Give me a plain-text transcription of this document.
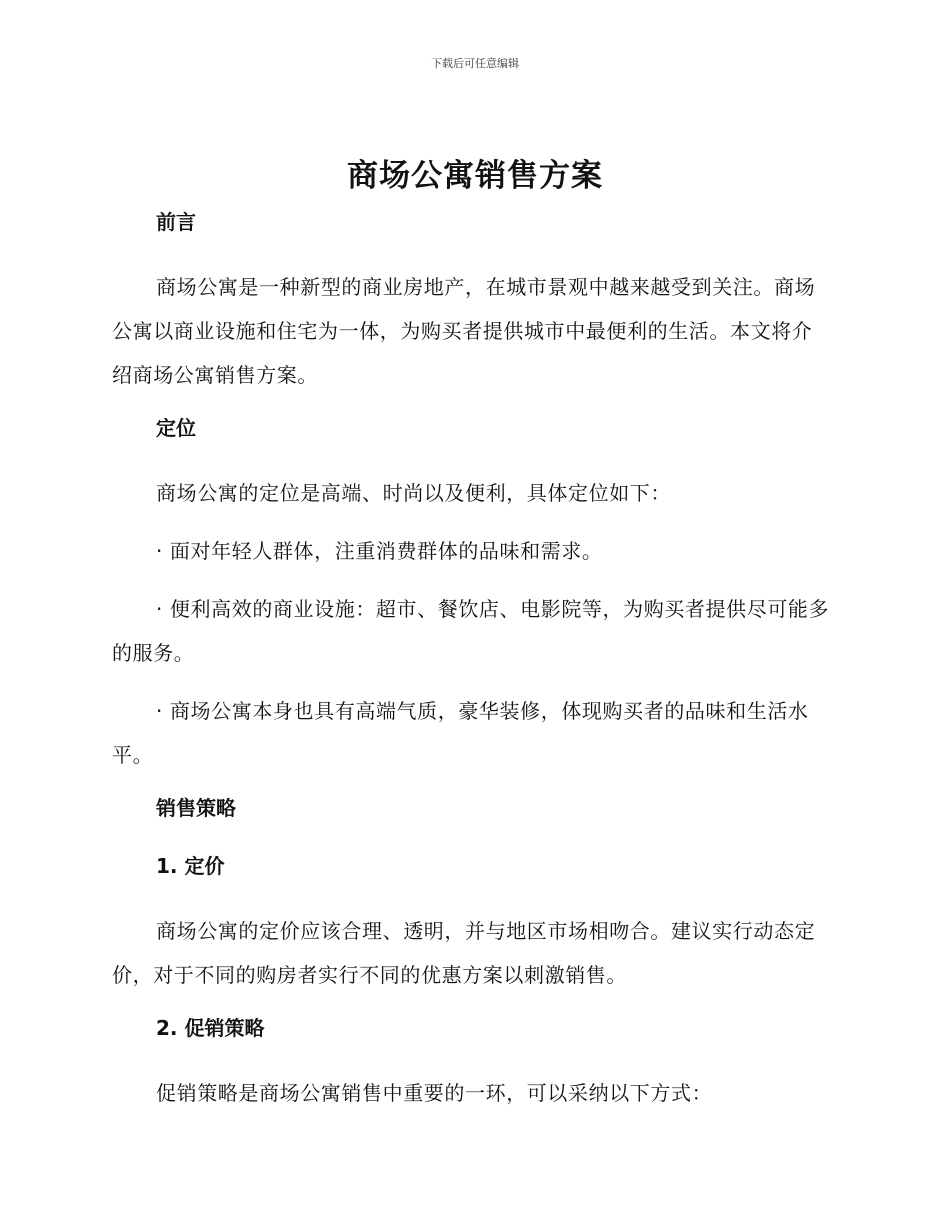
下载后可任意编辑
商场公寓销售方案
前言
商场公寓是一种新型的商业房地产，在城市景观中越来越受到关注。商场公寓以商业设施和住宅为一体，为购买者提供城市中最便利的生活。本文将介绍商场公寓销售方案。
定位
商场公寓的定位是高端、时尚以及便利，具体定位如下：
· 面对年轻人群体，注重消费群体的品味和需求。
· 便利高效的商业设施：超市、餐饮店、电影院等，为购买者提供尽可能多的服务。
· 商场公寓本身也具有高端气质，豪华装修，体现购买者的品味和生活水平。
销售策略
1. 定价
商场公寓的定价应该合理、透明，并与地区市场相吻合。建议实行动态定价，对于不同的购房者实行不同的优惠方案以刺激销售。
2. 促销策略
促销策略是商场公寓销售中重要的一环，可以采纳以下方式：
